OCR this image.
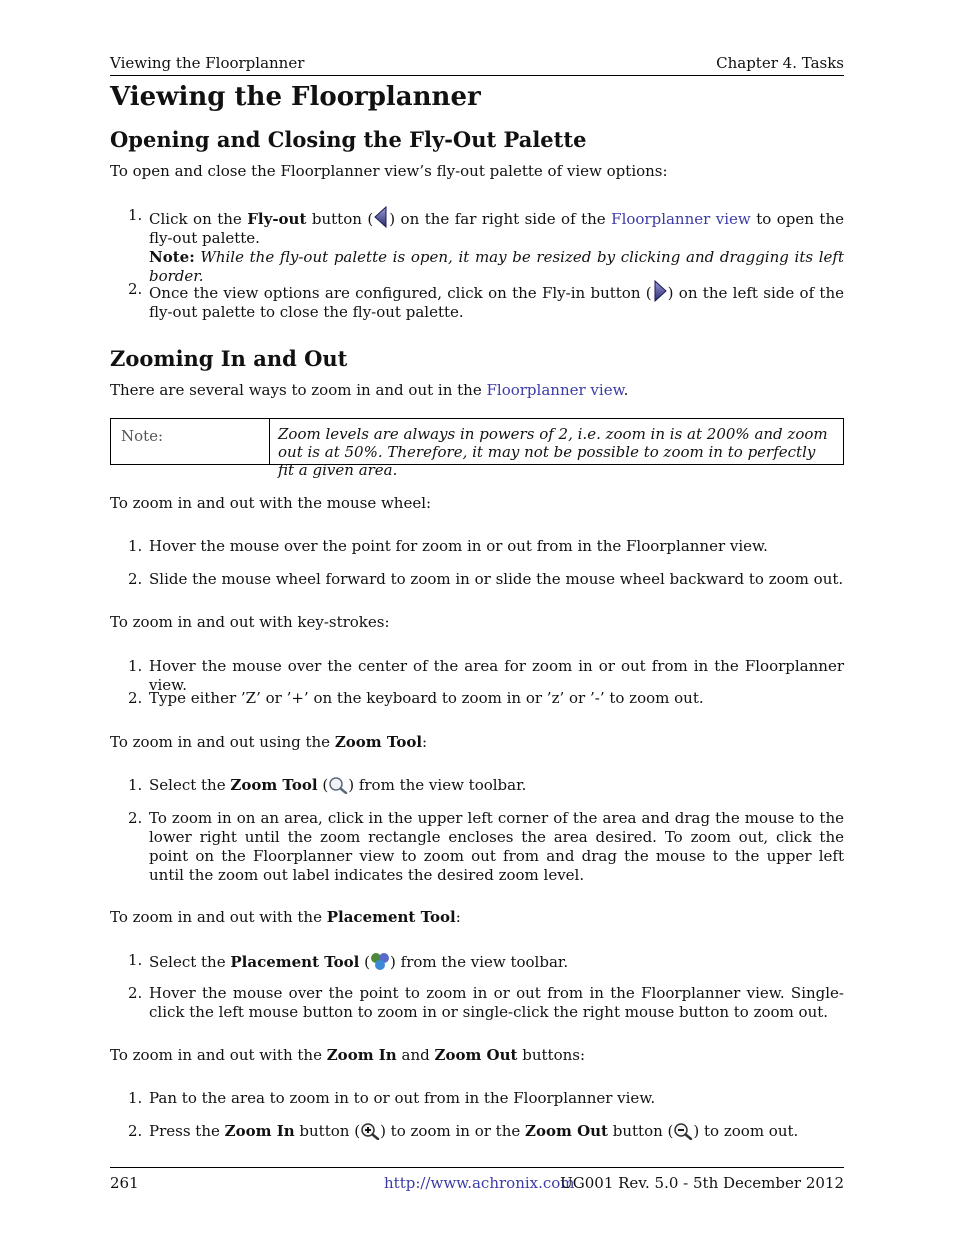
Viewing the Floorplanner	Chapter 4. Tasks
Viewing the Floorplanner
Opening and Closing the Fly-Out Palette

To open and close the Floorplanner view’s fly-out palette of view options:

1. Click on the Fly-out button ( ) on the far right side of the Floorplanner view to open the fly-out palette.
Note: While the fly-out palette is open, it may be resized by clicking and dragging its left border.
2. Once the view options are configured, click on the Fly-in button ( ) on the left side of the fly-out palette to close the fly-out palette.
Zooming In and Out

There are several ways to zoom in and out in the Floorplanner view.

Note:	Zoom levels are always in powers of 2, i.e. zoom in is at 200% and zoom out is at 50%. Therefore, it may not be possible to zoom in to perfectly fit a given area.

To zoom in and out with the mouse wheel:

1. Hover the mouse over the point for zoom in or out from in the Floorplanner view.
2. Slide the mouse wheel forward to zoom in or slide the mouse wheel backward to zoom out.

To zoom in and out with key-strokes:

1. Hover the mouse over the center of the area for zoom in or out from in the Floorplanner view.
2. Type either ’Z’ or ’+’ on the keyboard to zoom in or ’z’ or ’-’ to zoom out.

To zoom in and out using the Zoom Tool:

1. Select the Zoom Tool ( ) from the view toolbar.
2. To zoom in on an area, click in the upper left corner of the area and drag the mouse to the lower right until the zoom rectangle encloses the area desired. To zoom out, click the point on the Floorplanner view to zoom out from and drag the mouse to the upper left until the zoom out label indicates the desired zoom level.

To zoom in and out with the Placement Tool:

1. Select the Placement Tool ( ) from the view toolbar.
2. Hover the mouse over the point to zoom in or out from in the Floorplanner view. Single-click the left mouse button to zoom in or single-click the right mouse button to zoom out.

To zoom in and out with the Zoom In and Zoom Out buttons:

1. Pan to the area to zoom in to or out from in the Floorplanner view.
2. Press the Zoom In button ( ) to zoom in or the Zoom Out button ( ) to zoom out.
261	http://www.achronix.com
UG001 Rev. 5.0 - 5th December 2012
